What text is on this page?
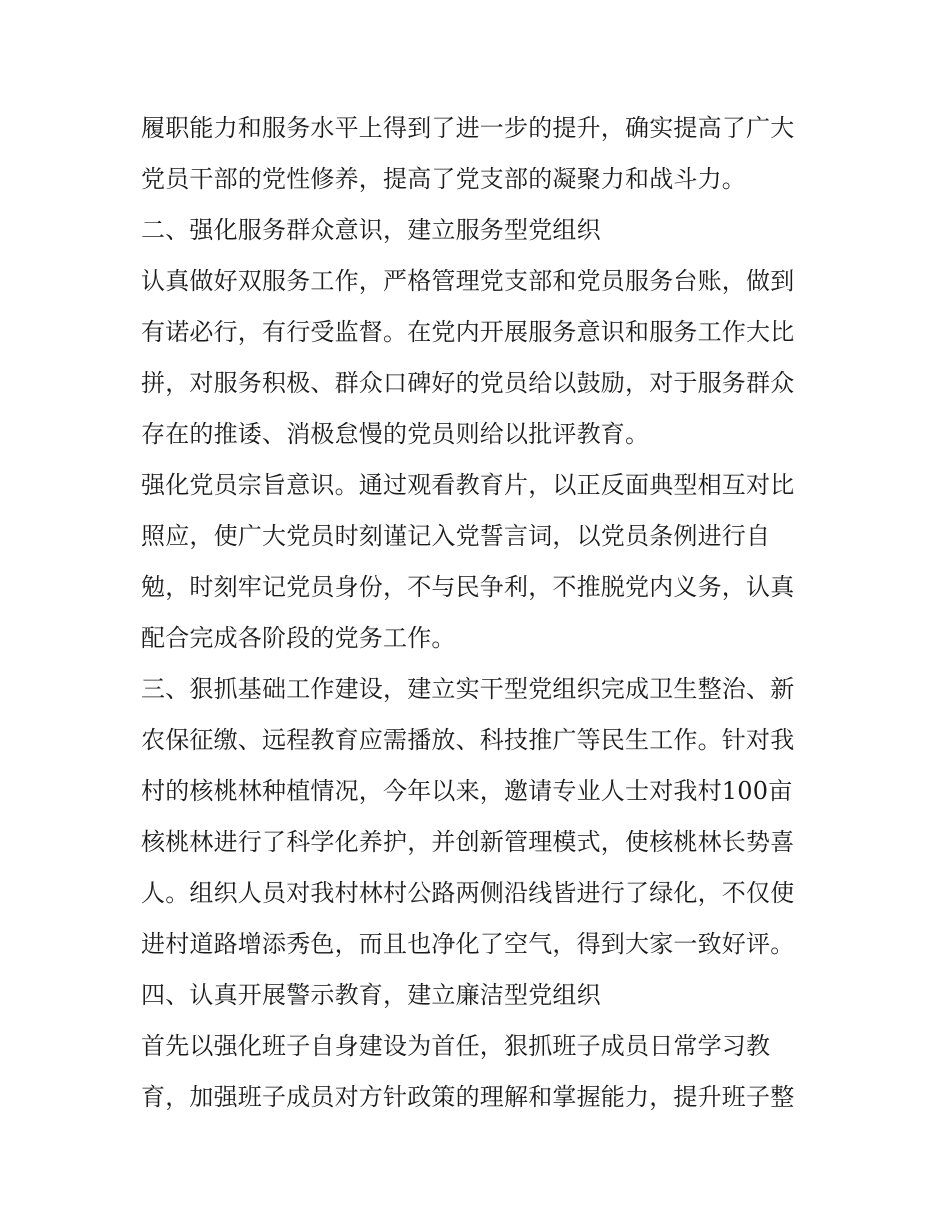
履职能力和服务水平上得到了进一步的提升，确实提高了广大
党员干部的党性修养，提高了党支部的凝聚力和战斗力。
二、强化服务群众意识，建立服务型党组织
认真做好双服务工作，严格管理党支部和党员服务台账，做到
有诺必行，有行受监督。在党内开展服务意识和服务工作大比
拼，对服务积极、群众口碑好的党员给以鼓励，对于服务群众
存在的推诿、消极怠慢的党员则给以批评教育。
强化党员宗旨意识。通过观看教育片，以正反面典型相互对比
照应，使广大党员时刻谨记入党誓言词，以党员条例进行自
勉，时刻牢记党员身份，不与民争利，不推脱党内义务，认真
配合完成各阶段的党务工作。
三、狠抓基础工作建设，建立实干型党组织完成卫生整治、新
农保征缴、远程教育应需播放、科技推广等民生工作。针对我
村的核桃林种植情况，今年以来，邀请专业人士对我村100亩
核桃林进行了科学化养护，并创新管理模式，使核桃林长势喜
人。组织人员对我村林村公路两侧沿线皆进行了绿化，不仅使
进村道路增添秀色，而且也净化了空气，得到大家一致好评。
四、认真开展警示教育，建立廉洁型党组织
首先以强化班子自身建设为首任，狠抓班子成员日常学习教
育，加强班子成员对方针政策的理解和掌握能力，提升班子整
